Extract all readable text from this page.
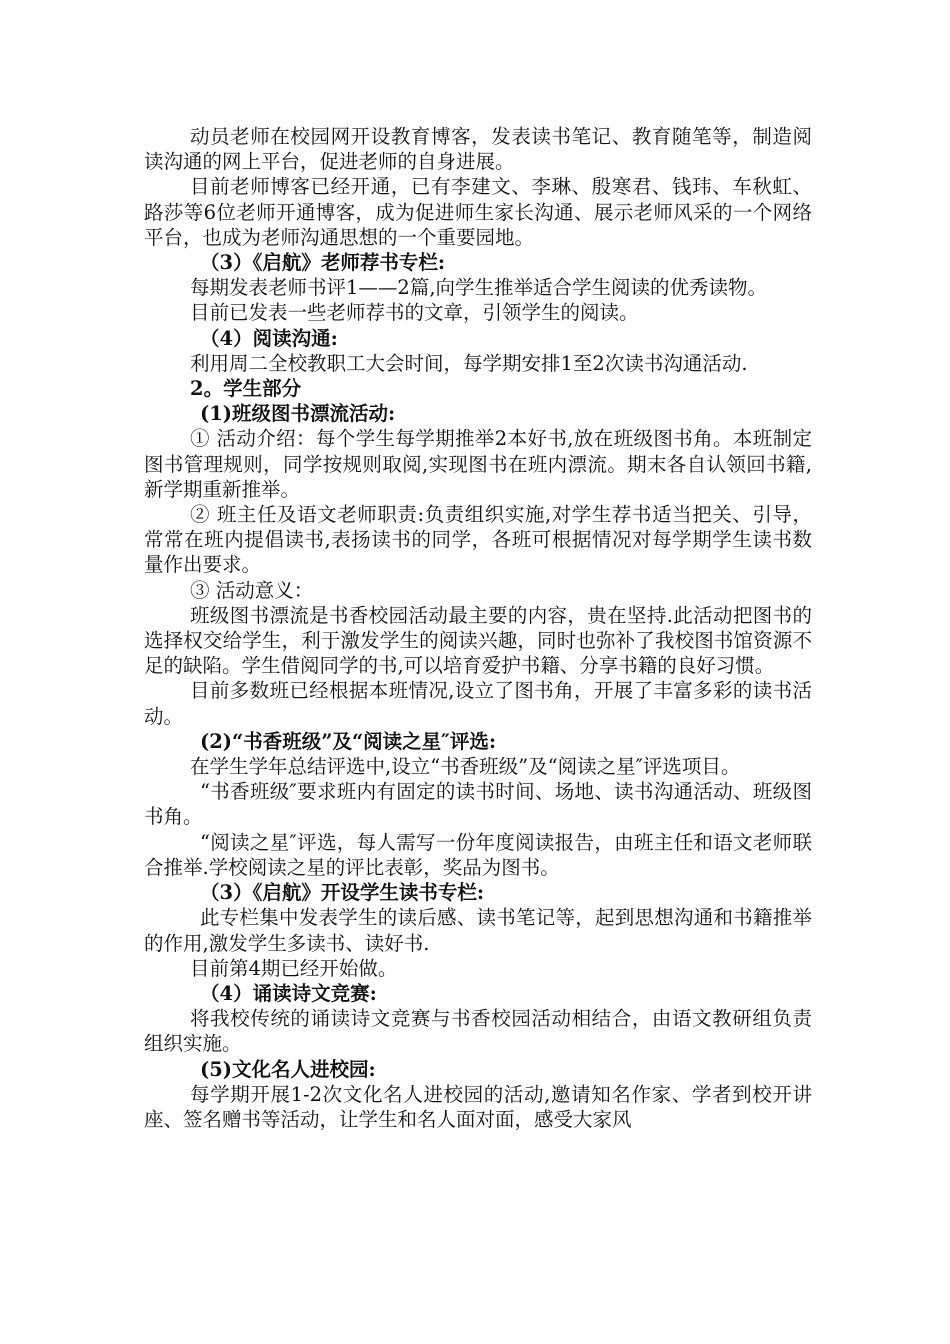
动员老师在校园网开设教育博客，发表读书笔记、教育随笔等，制造阅读沟通的网上平台，促进老师的自身进展。

目前老师博客已经开通，已有李建文、李琳、殷寒君、钱玮、车秋虹、路莎等6位老师开通博客，成为促进师生家长沟通、展示老师风采的一个网络平台，也成为老师沟通思想的一个重要园地。

（3）《启航》老师荐书专栏:

每期发表老师书评1——2篇,向学生推举适合学生阅读的优秀读物。

目前已发表一些老师荐书的文章，引领学生的阅读。

（4）阅读沟通:

利用周二全校教职工大会时间，每学期安排1至2次读书沟通活动.

2。学生部分

(1)班级图书漂流活动:

① 活动介绍：每个学生每学期推举2本好书,放在班级图书角。本班制定图书管理规则，同学按规则取阅,实现图书在班内漂流。期末各自认领回书籍,新学期重新推举。

② 班主任及语文老师职责:负责组织实施,对学生荐书适当把关、引导，常常在班内提倡读书,表扬读书的同学，各班可根据情况对每学期学生读书数量作出要求。

③ 活动意义：

班级图书漂流是书香校园活动最主要的内容，贵在坚持.此活动把图书的选择权交给学生，利于激发学生的阅读兴趣，同时也弥补了我校图书馆资源不足的缺陷。学生借阅同学的书,可以培育爱护书籍、分享书籍的良好习惯。

目前多数班已经根据本班情况,设立了图书角，开展了丰富多彩的读书活动。

(2)“书香班级”及“阅读之星″评选:

在学生学年总结评选中,设立“书香班级”及“阅读之星″评选项目。

“书香班级″要求班内有固定的读书时间、场地、读书沟通活动、班级图书角。

“阅读之星″评选，每人需写一份年度阅读报告，由班主任和语文老师联合推举.学校阅读之星的评比表彰，奖品为图书。

（3）《启航》开设学生读书专栏:

此专栏集中发表学生的读后感、读书笔记等，起到思想沟通和书籍推举的作用,激发学生多读书、读好书.

目前第4期已经开始做。

（4）诵读诗文竞赛:

将我校传统的诵读诗文竞赛与书香校园活动相结合，由语文教研组负责组织实施。

(5)文化名人进校园:

每学期开展1-2次文化名人进校园的活动,邀请知名作家、学者到校开讲座、签名赠书等活动，让学生和名人面对面，感受大家风
